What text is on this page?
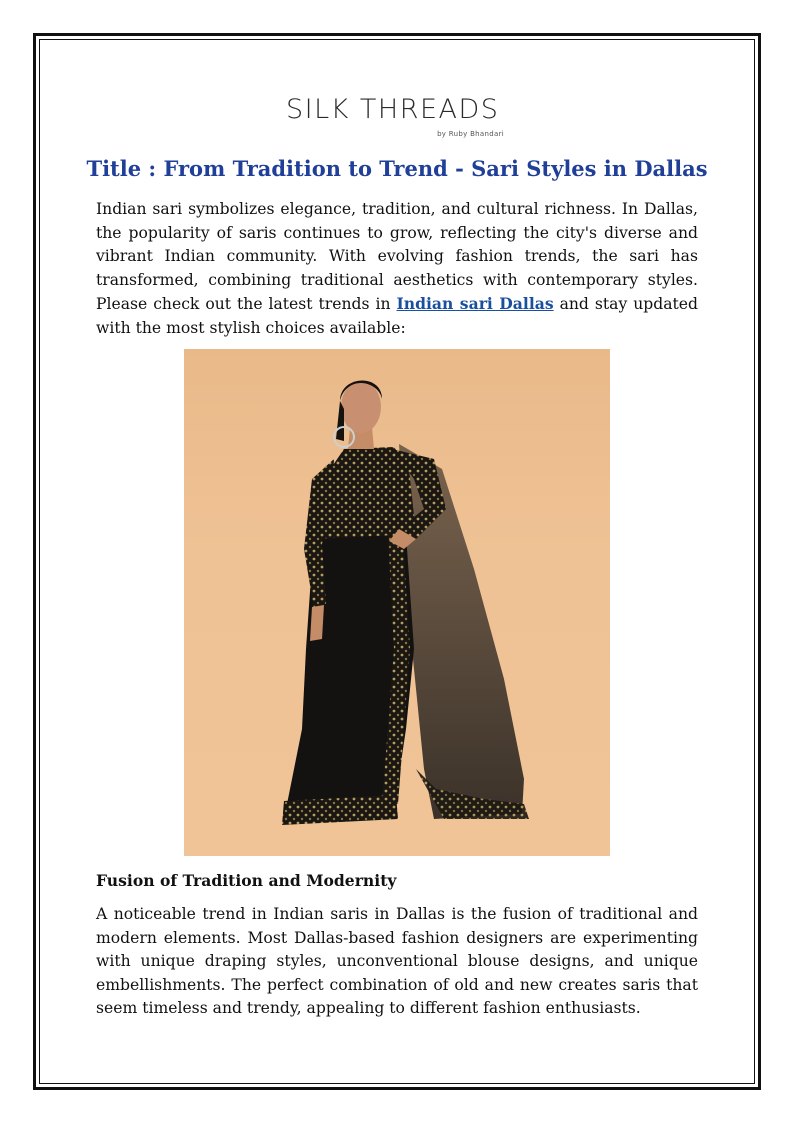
SILK THREADS
by Ruby Bhandari
Title : From Tradition to Trend - Sari Styles in Dallas

Indian sari symbolizes elegance, tradition, and cultural richness. In Dallas, the popularity of saris continues to grow, reflecting the city's diverse and vibrant Indian community. With evolving fashion trends, the sari has transformed, combining traditional aesthetics with contemporary styles. Please check out the latest trends in Indian sari Dallas and stay updated with the most stylish choices available:

Fusion of Tradition and Modernity

A noticeable trend in Indian saris in Dallas is the fusion of traditional and modern elements. Most Dallas-based fashion designers are experimenting with unique draping styles, unconventional blouse designs, and unique embellishments. The perfect combination of old and new creates saris that seem timeless and trendy, appealing to different fashion enthusiasts.
